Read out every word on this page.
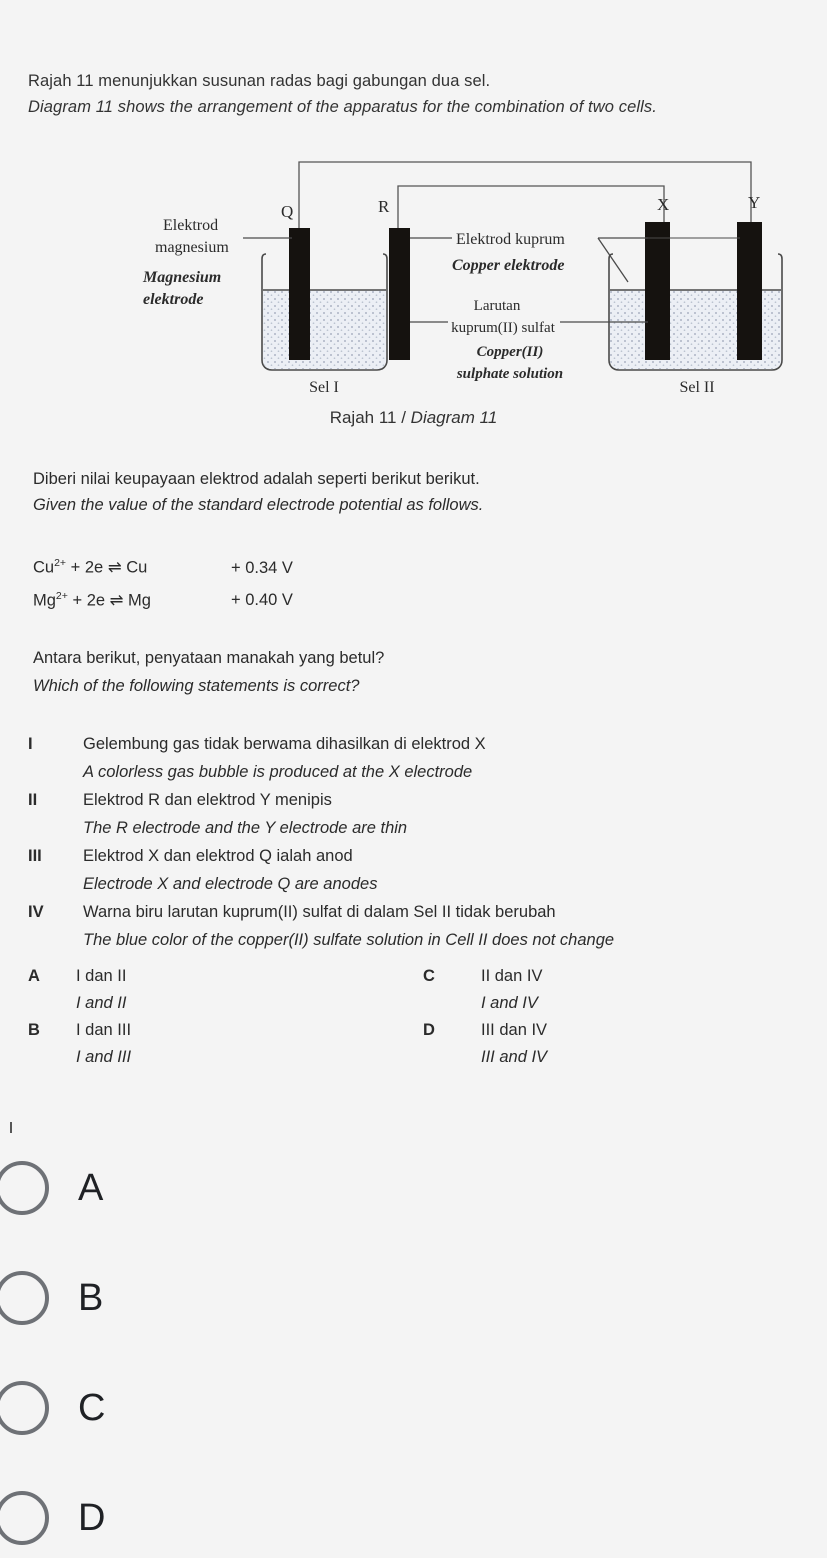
Rajah 11 menunjukkan susunan radas bagi gabungan dua sel.
Diagram 11 shows the arrangement of the apparatus for the combination of two cells.
Q	R	X	Y
Elektrod
magnesium
Magnesium
elektrode
Elektrod kuprum
Copper elektrode
Larutan
kuprum(II) sulfat
Copper(II)
sulphate solution
Sel I	Sel II
Rajah 11 / Diagram 11
Diberi nilai keupayaan elektrod adalah seperti berikut berikut.
Given the value of the standard electrode potential as follows.
$Cu^{2+} + 2e$ ⇌ Cu	+ 0.34 V
$Mg^{2+} + 2e$ ⇌ Mg	+ 0.40 V
Antara berikut, penyataan manakah yang betul?
Which of the following statements is correct?
I	Gelembung gas tidak berwama dihasilkan di elektrod X
A colorless gas bubble is produced at the X electrode
II	Elektrod R dan elektrod Y menipis
The R electrode and the Y electrode are thin
III	Elektrod X dan elektrod Q ialah anod
Electrode X and electrode Q are anodes
IV	Warna biru larutan kuprum(II) sulfat di dalam Sel II tidak berubah
The blue color of the copper(II) sulfate solution in Cell II does not change
A	I dan II
I and II
C	II dan IV
I and IV
B	I dan III
I and III
D	III dan IV
III and IV
A
B
C
D
